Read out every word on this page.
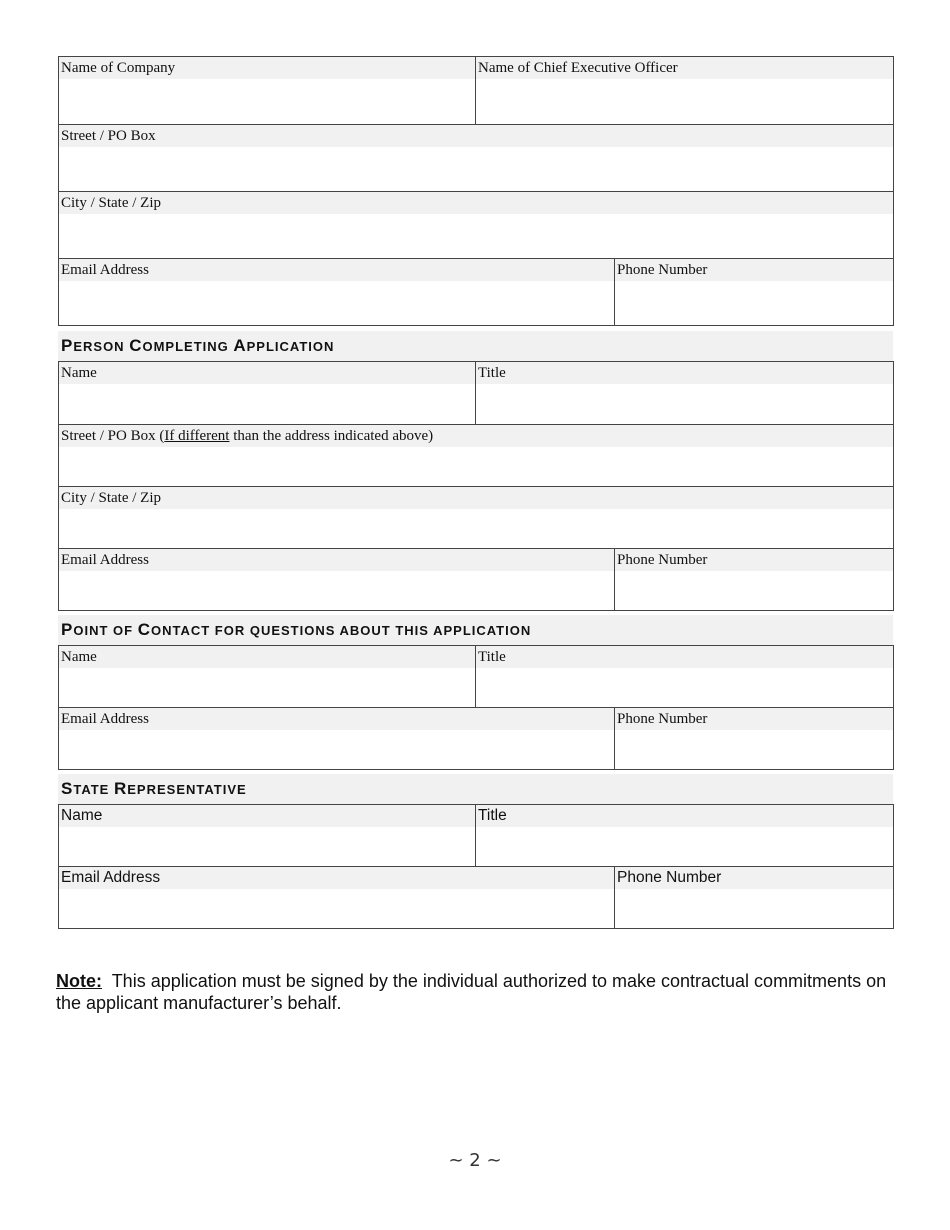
Name of Company	Name of Chief Executive Officer	

Street / PO Box		

City / State / Zip		

Email Address		Phone Number
PERSON COMPLETING APPLICATION
Name	Title	

Street / PO Box (If different than the address indicated above)		

City / State / Zip		

Email Address		Phone Number
POINT OF CONTACT FOR QUESTIONS ABOUT THIS APPLICATION
Name	Title	

Email Address		Phone Number
STATE REPRESENTATIVE
Name	Title	

Email Address		Phone Number
Note: This application must be signed by the individual authorized to make contractual commitments on the applicant manufacturer’s behalf.
~ 2 ~
